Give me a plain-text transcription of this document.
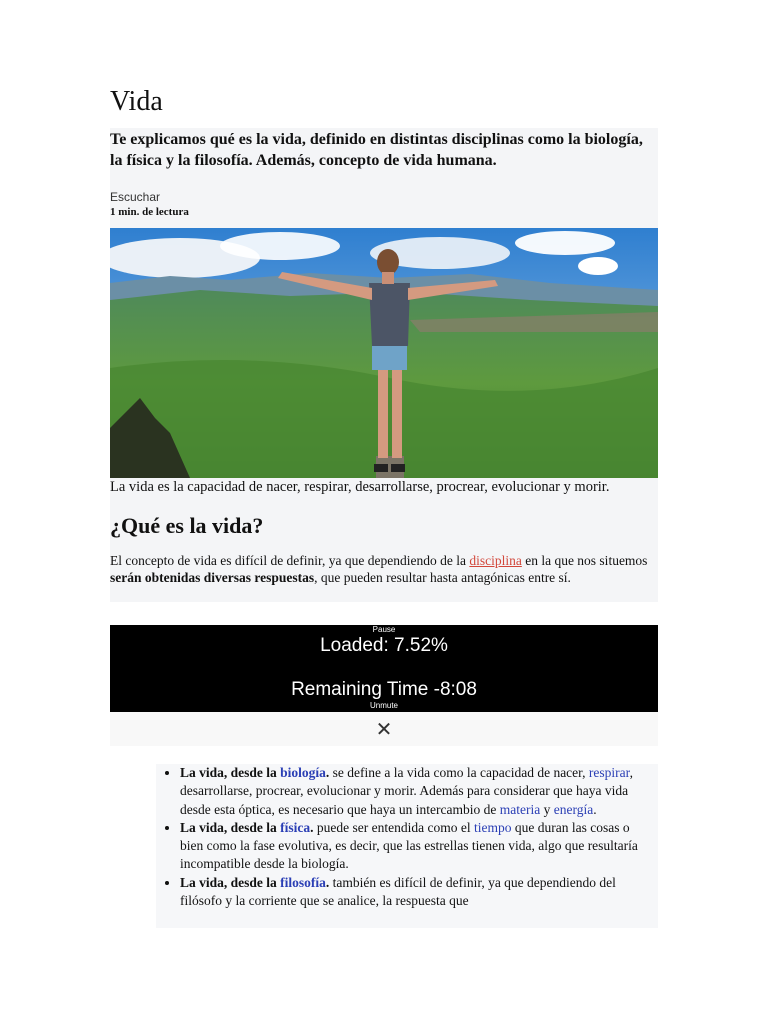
Vida
Te explicamos qué es la vida, definido en distintas disciplinas como la biología, la física y la filosofía. Además, concepto de vida humana.
Escuchar
1 min. de lectura

La vida es la capacidad de nacer, respirar, desarrollarse, procrear, evolucionar y morir.

¿Qué es la vida?

El concepto de vida es difícil de definir, ya que dependiendo de la disciplina en la que nos situemos serán obtenidas diversas respuestas, que pueden resultar hasta antagónicas entre sí.

Pause
Loaded: 7.52%
Remaining Time -8:08
Unmute
✕
• La vida, desde la biología. se define a la vida como la capacidad de nacer, respirar, desarrollarse, procrear, evolucionar y morir. Además para considerar que haya vida desde esta óptica, es necesario que haya un intercambio de materia y energía.
• La vida, desde la física. puede ser entendida como el tiempo que duran las cosas o bien como la fase evolutiva, es decir, que las estrellas tienen vida, algo que resultaría incompatible desde la biología.
• La vida, desde la filosofía. también es difícil de definir, ya que dependiendo del filósofo y la corriente que se analice, la respuesta que
